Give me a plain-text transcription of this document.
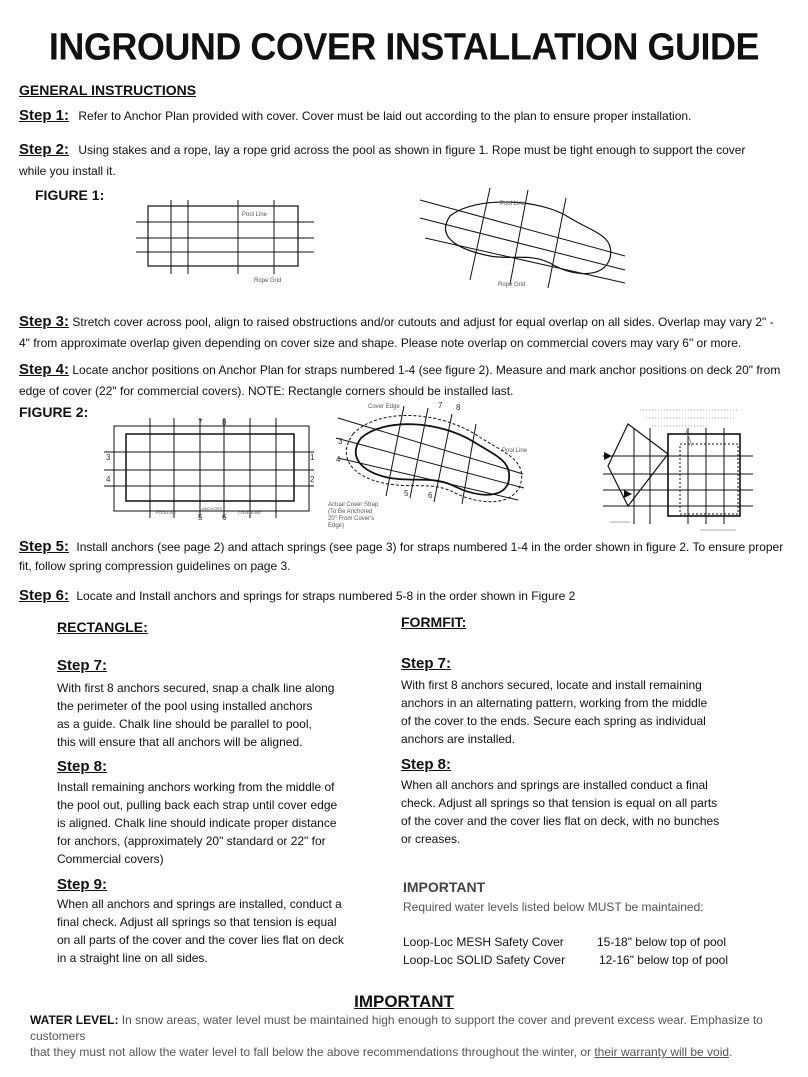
INGROUND COVER INSTALLATION GUIDE
GENERAL INSTRUCTIONS
Step 1: Refer to Anchor Plan provided with cover. Cover must be laid out according to the plan to ensure proper installation.
Step 2: Using stakes and a rope, lay a rope grid across the pool as shown in figure 1. Rope must be tight enough to support the cover
while you install it.
FIGURE 1:
Pool Line
Rope Grid
Pool Line
Rope Grid
Step 3: Stretch cover across pool, align to raised obstructions and/or cutouts and adjust for equal overlap on all sides. Overlap may vary 2" -
4" from approximate overlap given depending on cover size and shape. Please note overlap on commercial covers may vary 6" or more.
Step 4: Locate anchor positions on Anchor Plan for straps numbered 1-4 (see figure 2). Measure and mark anchor positions on deck 20" from
edge of cover (22" for commercial covers). NOTE: Rectangle corners should be installed last.
FIGURE 2:
7 8
3
4
1
2
5 6
POOLLINE
ANCHORS
COVERLINE
Cover Edge
Pool Line
7 8
3
4
5 6
Actual Cover Strap
(To Be Anchored
20" From Cover's
Edge)
Step 5: Install anchors (see page 2) and attach springs (see page 3) for straps numbered 1-4 in the order shown in figure 2. To ensure proper
fit, follow spring compression guidelines on page 3.
Step 6: Locate and Install anchors and springs for straps numbered 5-8 in the order shown in Figure 2
RECTANGLE:
Step 7:
With first 8 anchors secured, snap a chalk line along
the perimeter of the pool using installed anchors
as a guide. Chalk line should be parallel to pool,
this will ensure that all anchors will be aligned.
Step 8:
Install remaining anchors working from the middle of
the pool out, pulling back each strap until cover edge
is aligned. Chalk line should indicate proper distance
for anchors, (approximately 20" standard or 22" for
Commercial covers)
Step 9:
When all anchors and springs are installed, conduct a
final check. Adjust all springs so that tension is equal
on all parts of the cover and the cover lies flat on deck
in a straight line on all sides.
FORMFIT:
Step 7:
With first 8 anchors secured, locate and install remaining
anchors in an alternating pattern, working from the middle
of the cover to the ends. Secure each spring as individual
anchors are installed.
Step 8:
When all anchors and springs are installed conduct a final
check. Adjust all springs so that tension is equal on all parts
of the cover and the cover lies flat on deck, with no bunches
or creases.
IMPORTANT
Required water levels listed below MUST be maintained:
Loop-Loc MESH Safety Cover	15-18" below top of pool
Loop-Loc SOLID Safety Cover	12-16" below top of pool
IMPORTANT
WATER LEVEL: In snow areas, water level must be maintained high enough to support the cover and prevent excess wear. Emphasize to customers
that they must not allow the water level to fall below the above recommendations throughout the winter, or their warranty will be void.
